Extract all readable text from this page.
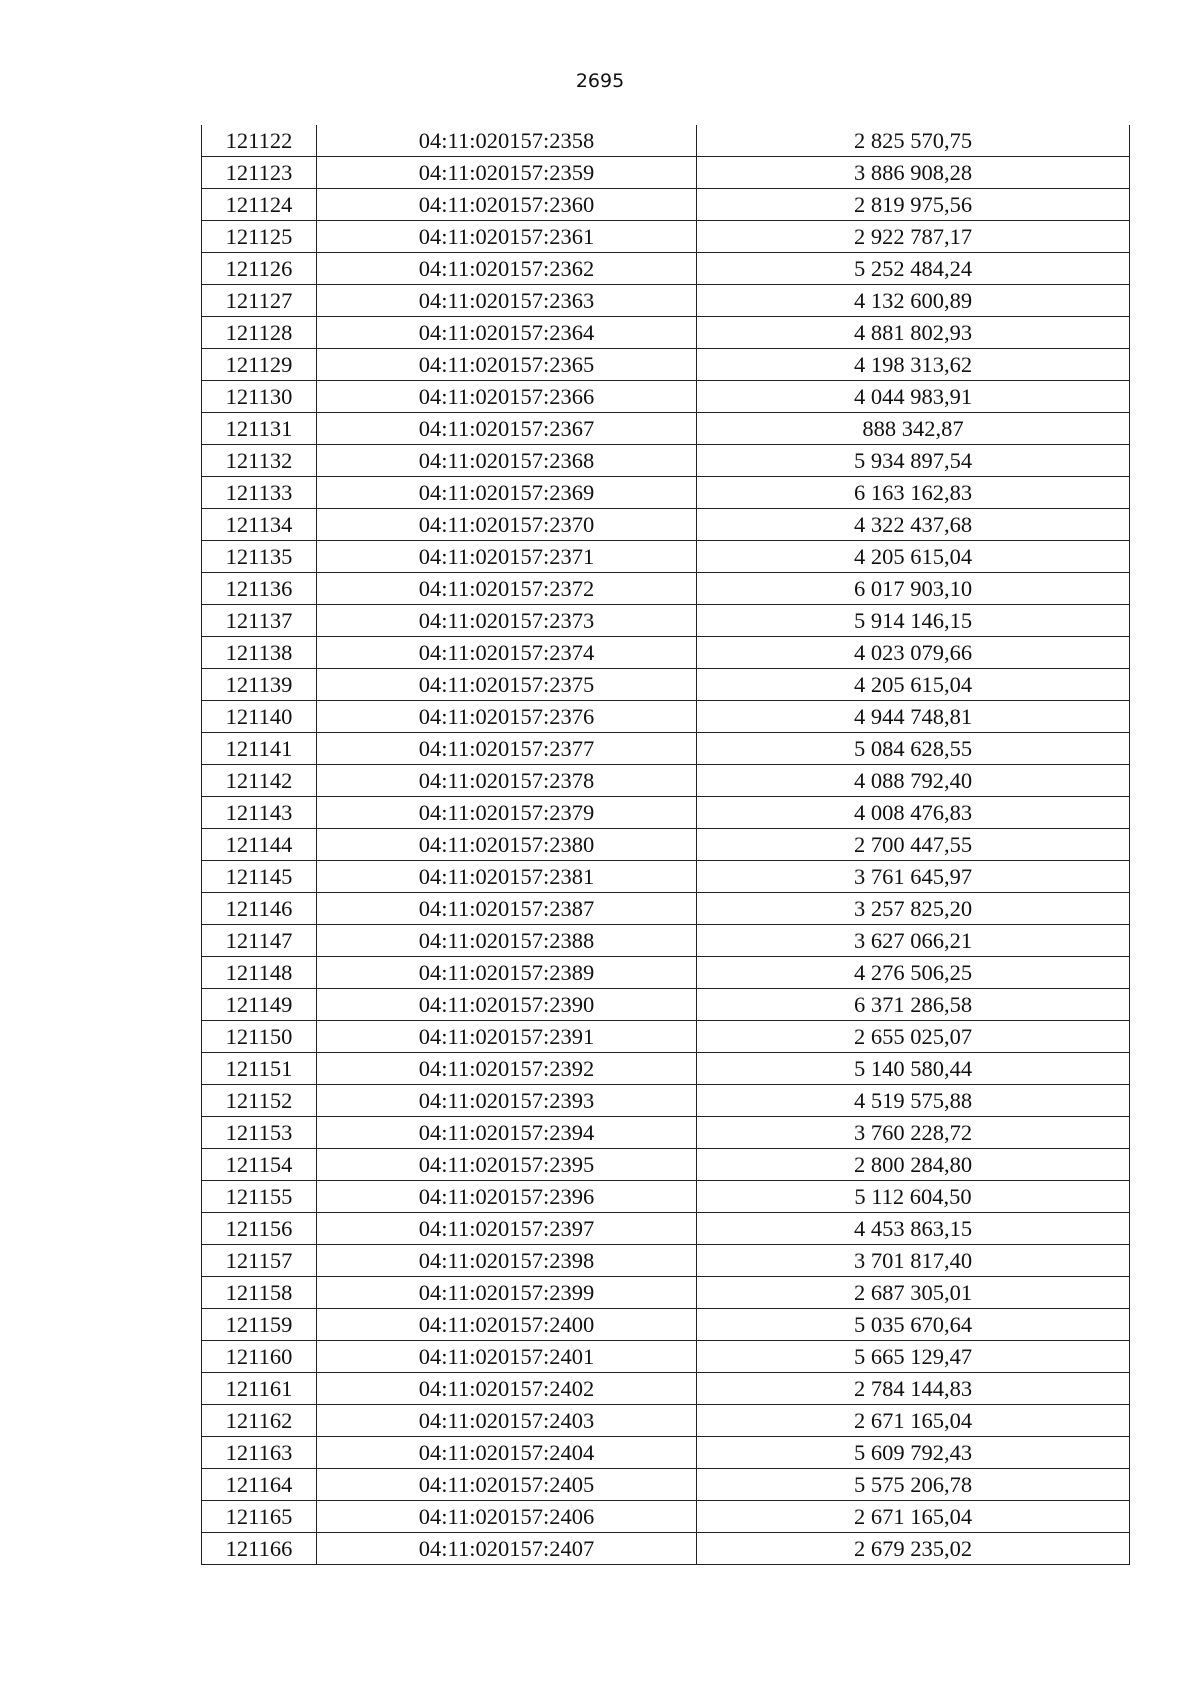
2695
121122	04:11:020157:2358	2 825 570,75
121123	04:11:020157:2359	3 886 908,28
121124	04:11:020157:2360	2 819 975,56
121125	04:11:020157:2361	2 922 787,17
121126	04:11:020157:2362	5 252 484,24
121127	04:11:020157:2363	4 132 600,89
121128	04:11:020157:2364	4 881 802,93
121129	04:11:020157:2365	4 198 313,62
121130	04:11:020157:2366	4 044 983,91
121131	04:11:020157:2367	888 342,87
121132	04:11:020157:2368	5 934 897,54
121133	04:11:020157:2369	6 163 162,83
121134	04:11:020157:2370	4 322 437,68
121135	04:11:020157:2371	4 205 615,04
121136	04:11:020157:2372	6 017 903,10
121137	04:11:020157:2373	5 914 146,15
121138	04:11:020157:2374	4 023 079,66
121139	04:11:020157:2375	4 205 615,04
121140	04:11:020157:2376	4 944 748,81
121141	04:11:020157:2377	5 084 628,55
121142	04:11:020157:2378	4 088 792,40
121143	04:11:020157:2379	4 008 476,83
121144	04:11:020157:2380	2 700 447,55
121145	04:11:020157:2381	3 761 645,97
121146	04:11:020157:2387	3 257 825,20
121147	04:11:020157:2388	3 627 066,21
121148	04:11:020157:2389	4 276 506,25
121149	04:11:020157:2390	6 371 286,58
121150	04:11:020157:2391	2 655 025,07
121151	04:11:020157:2392	5 140 580,44
121152	04:11:020157:2393	4 519 575,88
121153	04:11:020157:2394	3 760 228,72
121154	04:11:020157:2395	2 800 284,80
121155	04:11:020157:2396	5 112 604,50
121156	04:11:020157:2397	4 453 863,15
121157	04:11:020157:2398	3 701 817,40
121158	04:11:020157:2399	2 687 305,01
121159	04:11:020157:2400	5 035 670,64
121160	04:11:020157:2401	5 665 129,47
121161	04:11:020157:2402	2 784 144,83
121162	04:11:020157:2403	2 671 165,04
121163	04:11:020157:2404	5 609 792,43
121164	04:11:020157:2405	5 575 206,78
121165	04:11:020157:2406	2 671 165,04
121166	04:11:020157:2407	2 679 235,02
